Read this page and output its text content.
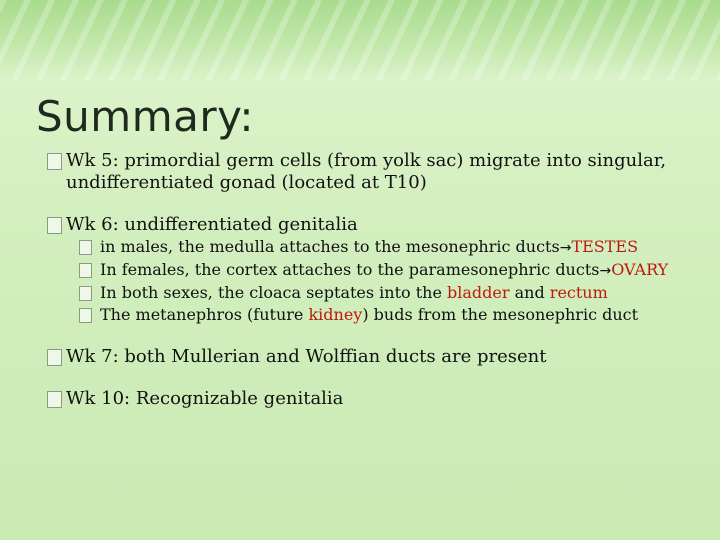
Summary:
Wk 5: primordial germ cells (from yolk sac) migrate into singular, undifferentiated gonad (located at T10)
Wk 6: undifferentiated genitalia
in males, the medulla attaches to the mesonephric ducts→TESTES
In females, the cortex attaches to the paramesonephric ducts→OVARY
In both sexes, the cloaca septates into the bladder and rectum
The metanephros (future kidney) buds from the mesonephric duct
Wk 7: both Mullerian and Wolffian ducts are present
Wk 10: Recognizable genitalia
